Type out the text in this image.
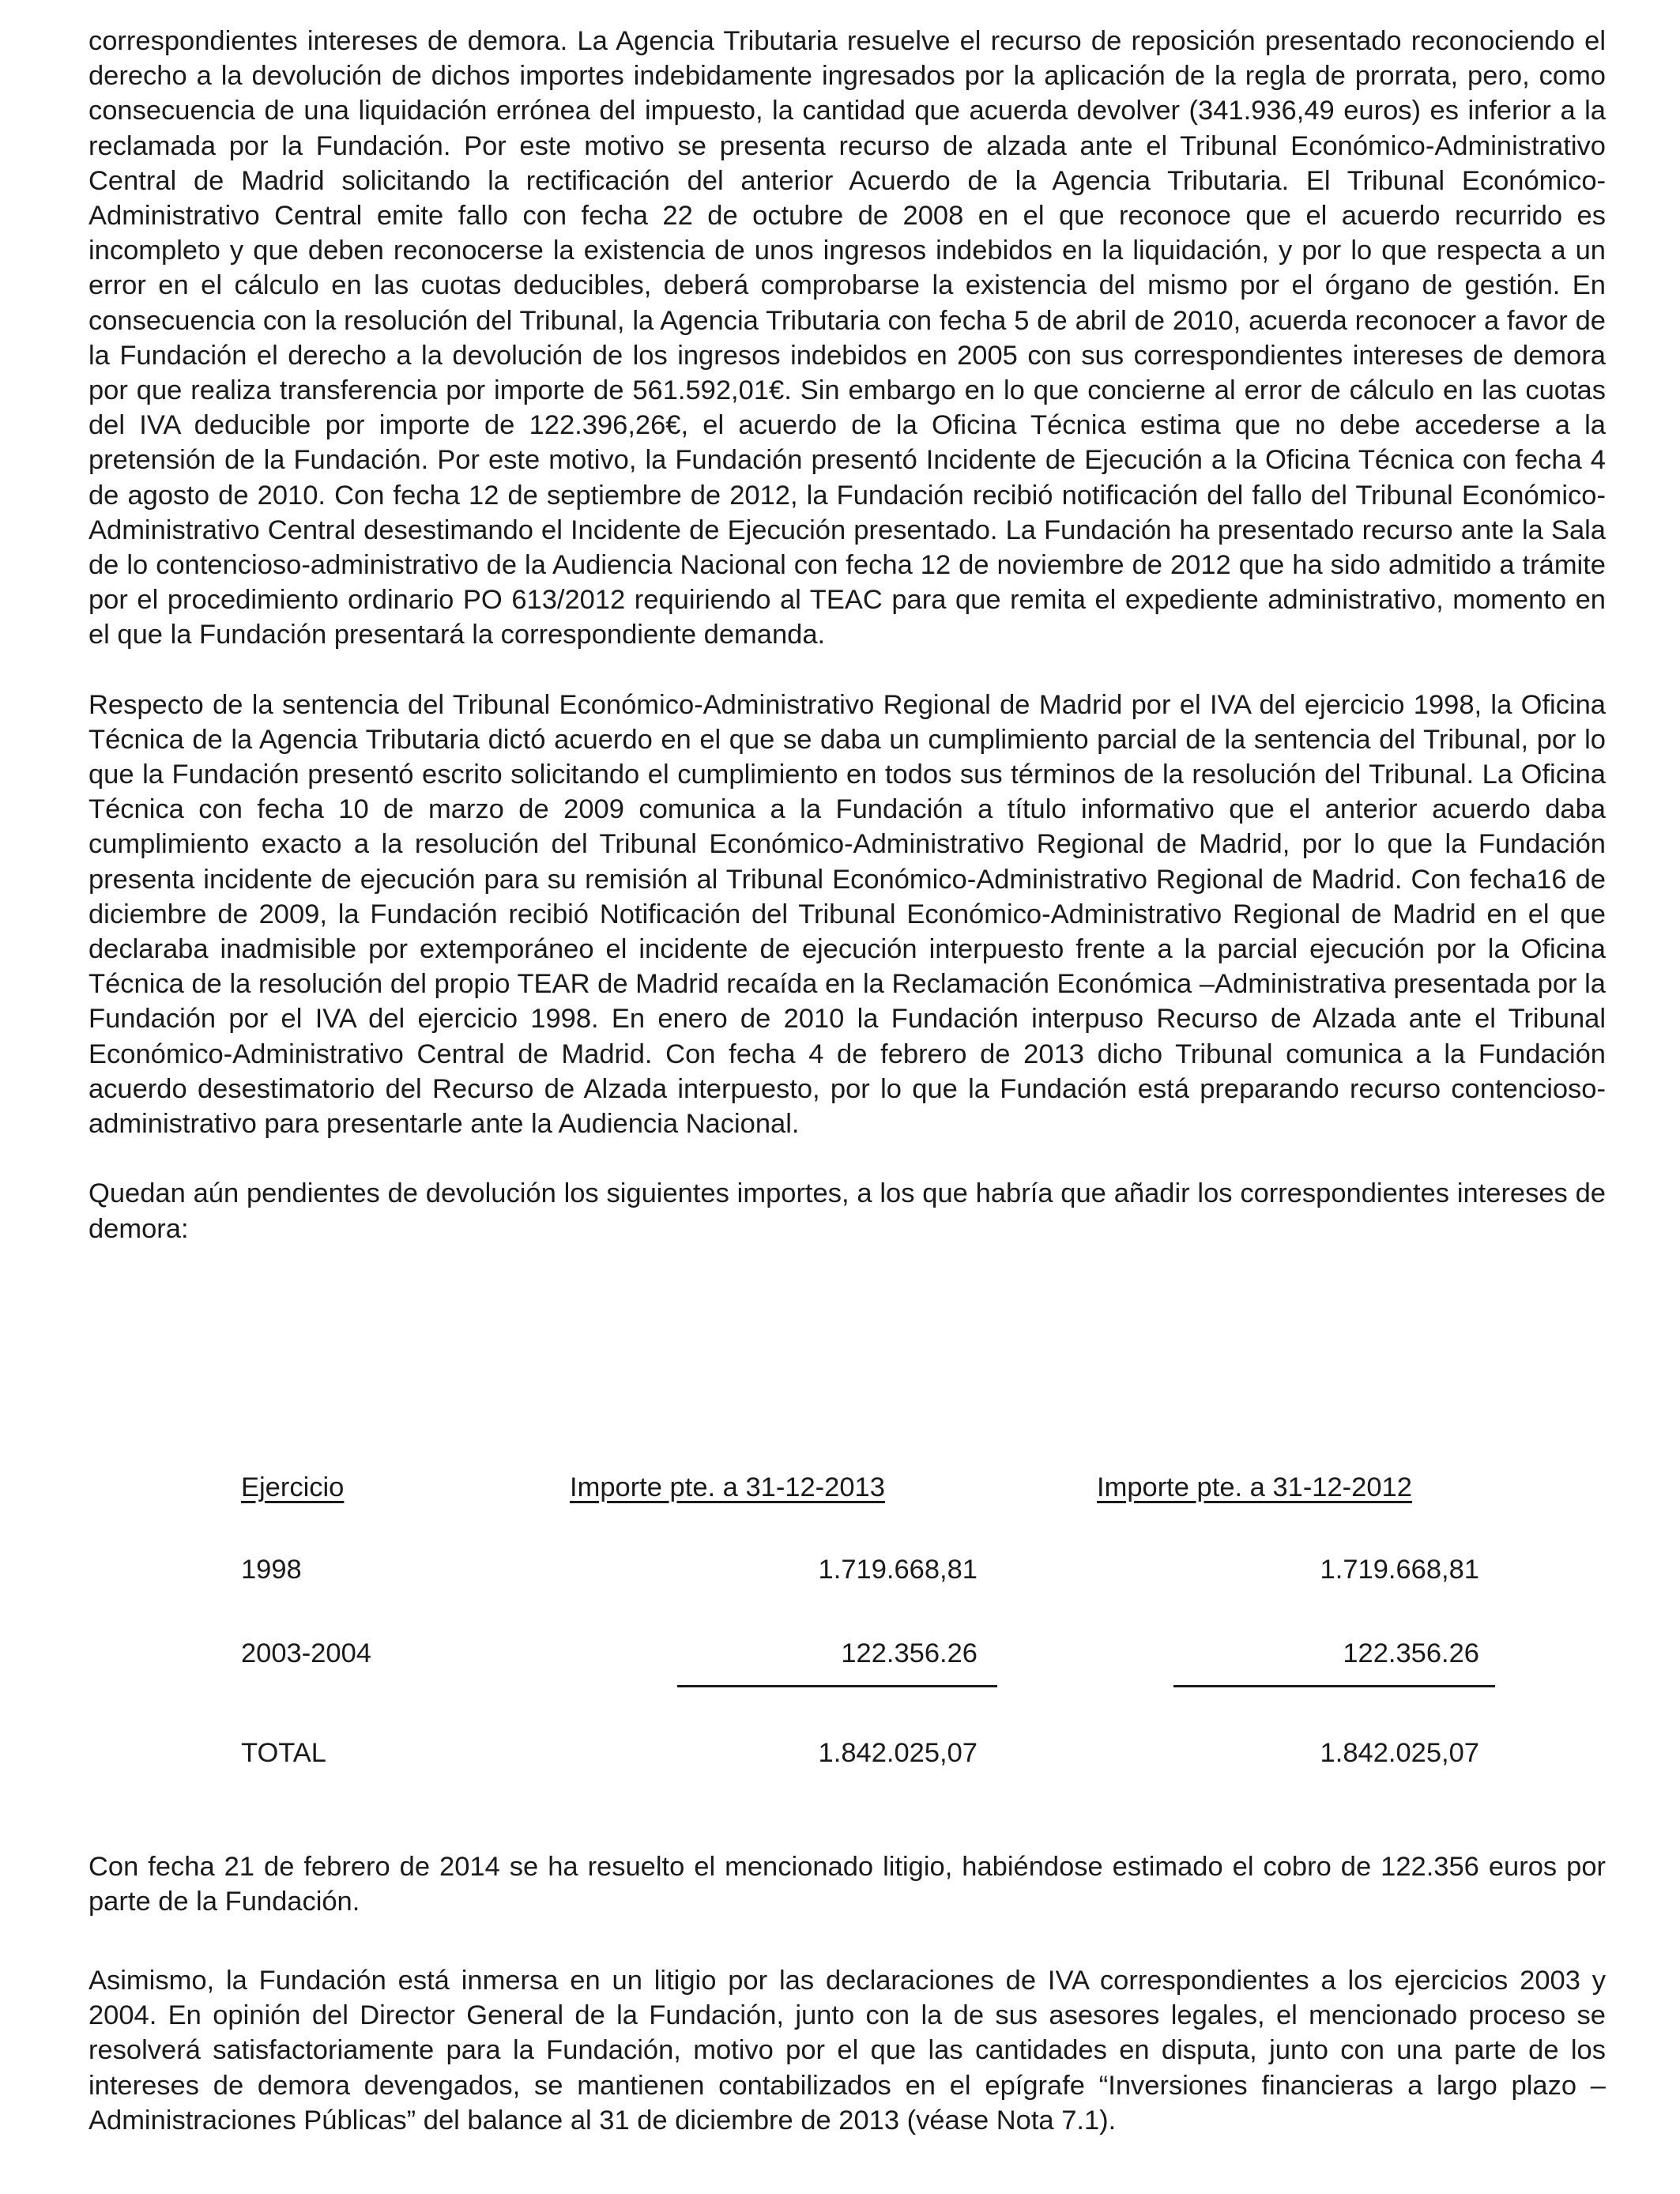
correspondientes intereses de demora. La Agencia Tributaria resuelve el recurso de reposición presentado reconociendo el derecho a la devolución de dichos importes indebidamente ingresados por la aplicación de la regla de prorrata, pero, como consecuencia de una liquidación errónea del impuesto, la cantidad que acuerda devolver (341.936,49 euros) es inferior a la reclamada por la Fundación. Por este motivo se presenta recurso de alzada ante el Tribunal Económico-Administrativo Central de Madrid solicitando la rectificación del anterior Acuerdo de la Agencia Tributaria. El Tribunal Económico-Administrativo Central emite fallo con fecha 22 de octubre de 2008 en el que reconoce que el acuerdo recurrido es incompleto y que deben reconocerse la existencia de unos ingresos indebidos en la liquidación, y por lo que respecta a un error en el cálculo en las cuotas deducibles, deberá comprobarse la existencia del mismo por el órgano de gestión. En consecuencia con la resolución del Tribunal, la Agencia Tributaria con fecha 5 de abril de 2010, acuerda reconocer a favor de la Fundación el derecho a la devolución de los ingresos indebidos en 2005 con sus correspondientes intereses de demora por que realiza transferencia por importe de 561.592,01€. Sin embargo en lo que concierne al error de cálculo en las cuotas del IVA deducible por importe de 122.396,26€, el acuerdo de la Oficina Técnica estima que no debe accederse a la pretensión de la Fundación. Por este motivo, la Fundación presentó Incidente de Ejecución a la Oficina Técnica con fecha 4 de agosto de 2010. Con fecha 12 de septiembre de 2012, la Fundación recibió notificación del fallo del Tribunal Económico-Administrativo Central desestimando el Incidente de Ejecución presentado. La Fundación ha presentado recurso ante la Sala de lo contencioso-administrativo de la Audiencia Nacional con fecha 12 de noviembre de 2012 que ha sido admitido a trámite por el procedimiento ordinario PO 613/2012 requiriendo al TEAC para que remita el expediente administrativo, momento en el que la Fundación presentará la correspondiente demanda.

Respecto de la sentencia del Tribunal Económico-Administrativo Regional de Madrid por el IVA del ejercicio 1998, la Oficina Técnica de la Agencia Tributaria dictó acuerdo en el que se daba un cumplimiento parcial de la sentencia del Tribunal, por lo que la Fundación presentó escrito solicitando el cumplimiento en todos sus términos de la resolución del Tribunal. La Oficina Técnica con fecha 10 de marzo de 2009 comunica a la Fundación a título informativo que el anterior acuerdo daba cumplimiento exacto a la resolución del Tribunal Económico-Administrativo Regional de Madrid, por lo que la Fundación presenta incidente de ejecución para su remisión al Tribunal Económico-Administrativo Regional de Madrid. Con fecha16 de diciembre de 2009, la Fundación recibió Notificación del Tribunal Económico-Administrativo Regional de Madrid en el que declaraba inadmisible por extemporáneo el incidente de ejecución interpuesto frente a la parcial ejecución por la Oficina Técnica de la resolución del propio TEAR de Madrid recaída en la Reclamación Económica –Administrativa presentada por la Fundación por el IVA del ejercicio 1998. En enero de 2010 la Fundación interpuso Recurso de Alzada ante el Tribunal Económico-Administrativo Central de Madrid. Con fecha 4 de febrero de 2013 dicho Tribunal comunica a la Fundación acuerdo desestimatorio del Recurso de Alzada interpuesto, por lo que la Fundación está preparando recurso contencioso-administrativo para presentarle ante la Audiencia Nacional.

Quedan aún pendientes de devolución los siguientes importes, a los que habría que añadir los correspondientes intereses de demora:

Ejercicio	Importe pte. a 31-12-2013	Importe pte. a 31-12-2012
1998	1.719.668,81	1.719.668,81
2003-2004	122.356.26	122.356.26
TOTAL	1.842.025,07	1.842.025,07

Con fecha 21 de febrero de 2014 se ha resuelto el mencionado litigio, habiéndose estimado el cobro de 122.356 euros por parte de la Fundación.

Asimismo, la Fundación está inmersa en un litigio por las declaraciones de IVA correspondientes a los ejercicios 2003 y 2004. En opinión del Director General de la Fundación, junto con la de sus asesores legales, el mencionado proceso se resolverá satisfactoriamente para la Fundación, motivo por el que las cantidades en disputa, junto con una parte de los intereses de demora devengados, se mantienen contabilizados en el epígrafe “Inversiones financieras a largo plazo – Administraciones Públicas” del balance al 31 de diciembre de 2013 (véase Nota 7.1).
